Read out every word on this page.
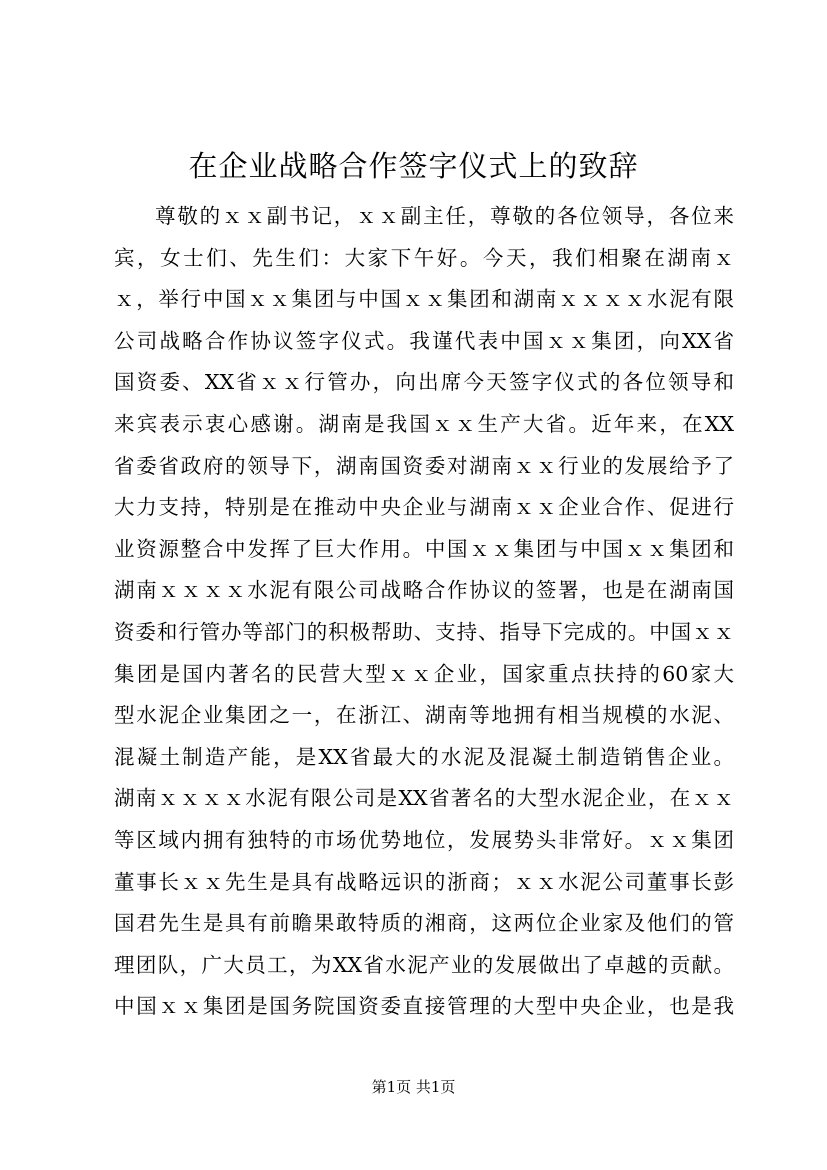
在企业战略合作签字仪式上的致辞
尊敬的ｘｘ副书记，ｘｘ副主任，尊敬的各位领导，各位来
宾，女士们、先生们：大家下午好。今天，我们相聚在湖南ｘ
ｘ，举行中国ｘｘ集团与中国ｘｘ集团和湖南ｘｘｘｘ水泥有限
公司战略合作协议签字仪式。我谨代表中国ｘｘ集团，向XX省
国资委、XX省ｘｘ行管办，向出席今天签字仪式的各位领导和
来宾表示衷心感谢。湖南是我国ｘｘ生产大省。近年来，在XX
省委省政府的领导下，湖南国资委对湖南ｘｘ行业的发展给予了
大力支持，特别是在推动中央企业与湖南ｘｘ企业合作、促进行
业资源整合中发挥了巨大作用。中国ｘｘ集团与中国ｘｘ集团和
湖南ｘｘｘｘ水泥有限公司战略合作协议的签署，也是在湖南国
资委和行管办等部门的积极帮助、支持、指导下完成的。中国ｘｘ
集团是国内著名的民营大型ｘｘ企业，国家重点扶持的60家大
型水泥企业集团之一，在浙江、湖南等地拥有相当规模的水泥、
混凝土制造产能，是XX省最大的水泥及混凝土制造销售企业。
湖南ｘｘｘｘ水泥有限公司是XX省著名的大型水泥企业，在ｘｘ
等区域内拥有独特的市场优势地位，发展势头非常好。ｘｘ集团
董事长ｘｘ先生是具有战略远识的浙商；ｘｘ水泥公司董事长彭
国君先生是具有前瞻果敢特质的湘商，这两位企业家及他们的管
理团队，广大员工，为XX省水泥产业的发展做出了卓越的贡献。
中国ｘｘ集团是国务院国资委直接管理的大型中央企业，也是我
第1页 共1页
